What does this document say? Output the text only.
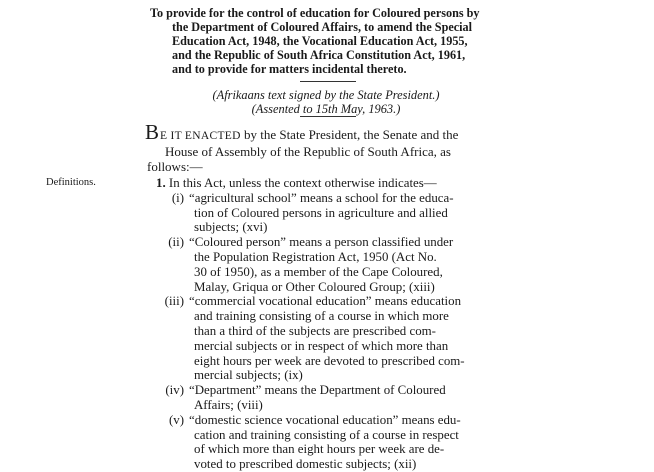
To provide for the control of education for Coloured persons by
the Department of Coloured Affairs, to amend the Special
Education Act, 1948, the Vocational Education Act, 1955,
and the Republic of South Africa Constitution Act, 1961,
and to provide for matters incidental thereto.
(Afrikaans text signed by the State President.)
(Assented to 15th May, 1963.)
BE IT ENACTED by the State President, the Senate and the
House of Assembly of the Republic of South Africa, as
follows:—
Definitions.	1. In this Act, unless the context otherwise indicates—
(i) “agricultural school” means a school for the educa-
tion of Coloured persons in agriculture and allied
subjects; (xvi)
(ii) “Coloured person” means a person classified under
the Population Registration Act, 1950 (Act No.
30 of 1950), as a member of the Cape Coloured,
Malay, Griqua or Other Coloured Group; (xiii)
(iii) “commercial vocational education” means education
and training consisting of a course in which more
than a third of the subjects are prescribed com-
mercial subjects or in respect of which more than
eight hours per week are devoted to prescribed com-
mercial subjects; (ix)
(iv) “Department” means the Department of Coloured
Affairs; (viii)
(v) “domestic science vocational education” means edu-
cation and training consisting of a course in respect
of which more than eight hours per week are de-
voted to prescribed domestic subjects; (xii)
